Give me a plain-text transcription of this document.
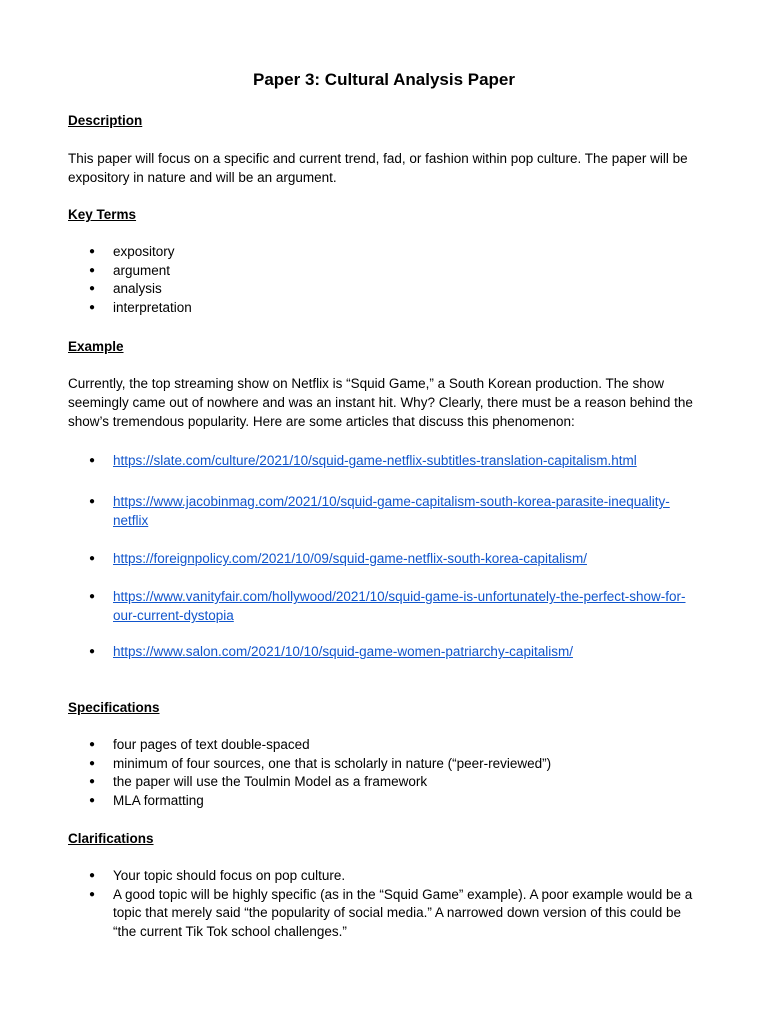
Paper 3: Cultural Analysis Paper
Description
This paper will focus on a specific and current trend, fad, or fashion within pop culture. The paper will be expository in nature and will be an argument.
Key Terms
● expository
● argument
● analysis
● interpretation
Example
Currently, the top streaming show on Netflix is “Squid Game,” a South Korean production. The show seemingly came out of nowhere and was an instant hit. Why? Clearly, there must be a reason behind the show’s tremendous popularity. Here are some articles that discuss this phenomenon:
● https://slate.com/culture/2021/10/squid-game-netflix-subtitles-translation-capitalism.html
● https://www.jacobinmag.com/2021/10/squid-game-capitalism-south-korea-parasite-inequality-
netflix
● https://foreignpolicy.com/2021/10/09/squid-game-netflix-south-korea-capitalism/
● https://www.vanityfair.com/hollywood/2021/10/squid-game-is-unfortunately-the-perfect-show-for-
our-current-dystopia
● https://www.salon.com/2021/10/10/squid-game-women-patriarchy-capitalism/
Specifications
● four pages of text double-spaced
● minimum of four sources, one that is scholarly in nature (“peer-reviewed”)
● the paper will use the Toulmin Model as a framework
● MLA formatting
Clarifications
● Your topic should focus on pop culture.
● A good topic will be highly specific (as in the “Squid Game” example). A poor example would be a topic that merely said “the popularity of social media.” A narrowed down version of this could be “the current Tik Tok school challenges.”
